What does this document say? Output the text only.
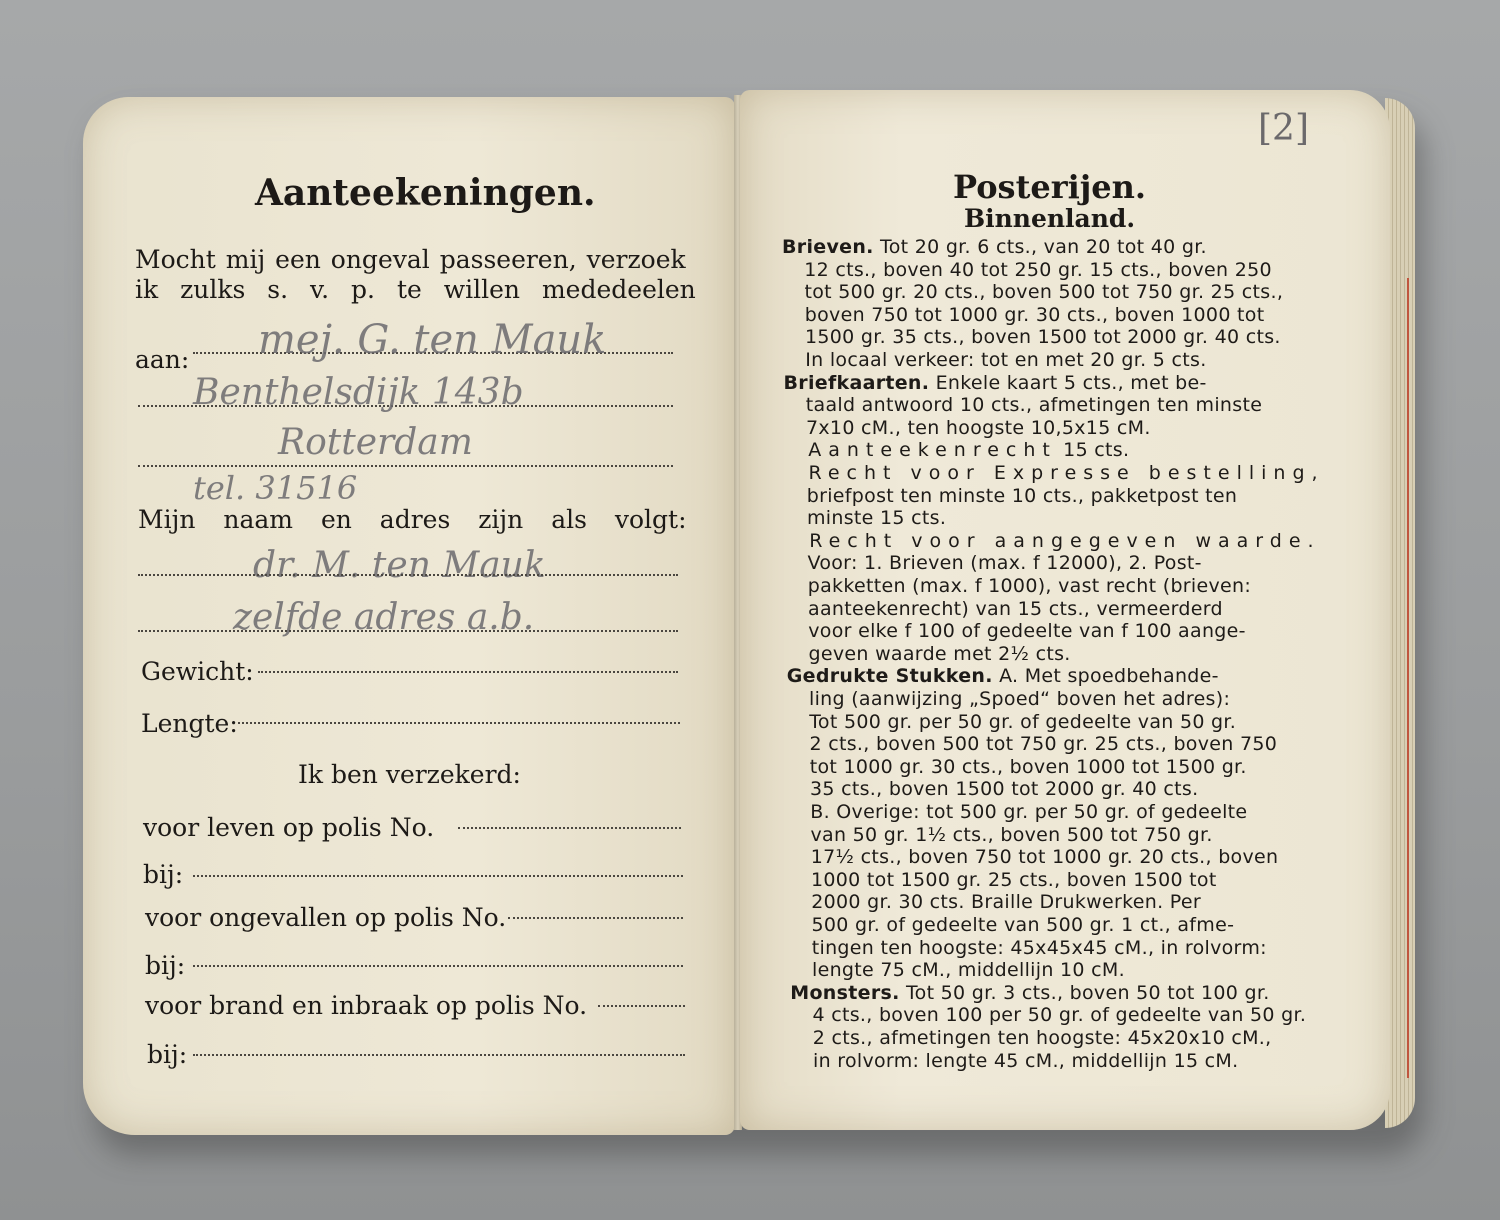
Aanteekeningen.
Mocht mij een ongeval passeeren, verzoek
ik zulks s. v. p. te willen mededeelen
aan: mej. G. ten Mauk
Benthelsdijk 143b
Rotterdam
tel. 31516
Mijn naam en adres zijn als volgt:
dr. M. ten Mauk
zelfde adres a.b.
Gewicht:
Lengte:
Ik ben verzekerd:
voor leven op polis No.
bij:
voor ongevallen op polis No.
bij:
voor brand en inbraak op polis No.
bij:
[2]
Posterijen.
Binnenland.
Brieven. Tot 20 gr. 6 cts., van 20 tot 40 gr.
12 cts., boven 40 tot 250 gr. 15 cts., boven 250
tot 500 gr. 20 cts., boven 500 tot 750 gr. 25 cts.,
boven 750 tot 1000 gr. 30 cts., boven 1000 tot
1500 gr. 35 cts., boven 1500 tot 2000 gr. 40 cts.
In locaal verkeer: tot en met 20 gr. 5 cts.
Briefkaarten. Enkele kaart 5 cts., met be-
taald antwoord 10 cts., afmetingen ten minste
7x10 cM., ten hoogste 10,5x15 cM.
Aanteekenrecht 15 cts.
Recht voor Expresse bestelling,
briefpost ten minste 10 cts., pakketpost ten
minste 15 cts.
Recht voor aangegeven waarde.
Voor: 1. Brieven (max. f 12000), 2. Post-
pakketten (max. f 1000), vast recht (brieven:
aanteekenrecht) van 15 cts., vermeerderd
voor elke f 100 of gedeelte van f 100 aange-
geven waarde met 2½ cts.
Gedrukte Stukken. A. Met spoedbehande-
ling (aanwijzing „Spoed“ boven het adres):
Tot 500 gr. per 50 gr. of gedeelte van 50 gr.
2 cts., boven 500 tot 750 gr. 25 cts., boven 750
tot 1000 gr. 30 cts., boven 1000 tot 1500 gr.
35 cts., boven 1500 tot 2000 gr. 40 cts.
B. Overige: tot 500 gr. per 50 gr. of gedeelte
van 50 gr. 1½ cts., boven 500 tot 750 gr.
17½ cts., boven 750 tot 1000 gr. 20 cts., boven
1000 tot 1500 gr. 25 cts., boven 1500 tot
2000 gr. 30 cts. Braille Drukwerken. Per
500 gr. of gedeelte van 500 gr. 1 ct., afme-
tingen ten hoogste: 45x45x45 cM., in rolvorm:
lengte 75 cM., middellijn 10 cM.
Monsters. Tot 50 gr. 3 cts., boven 50 tot 100 gr.
4 cts., boven 100 per 50 gr. of gedeelte van 50 gr.
2 cts., afmetingen ten hoogste: 45x20x10 cM.,
in rolvorm: lengte 45 cM., middellijn 15 cM.
